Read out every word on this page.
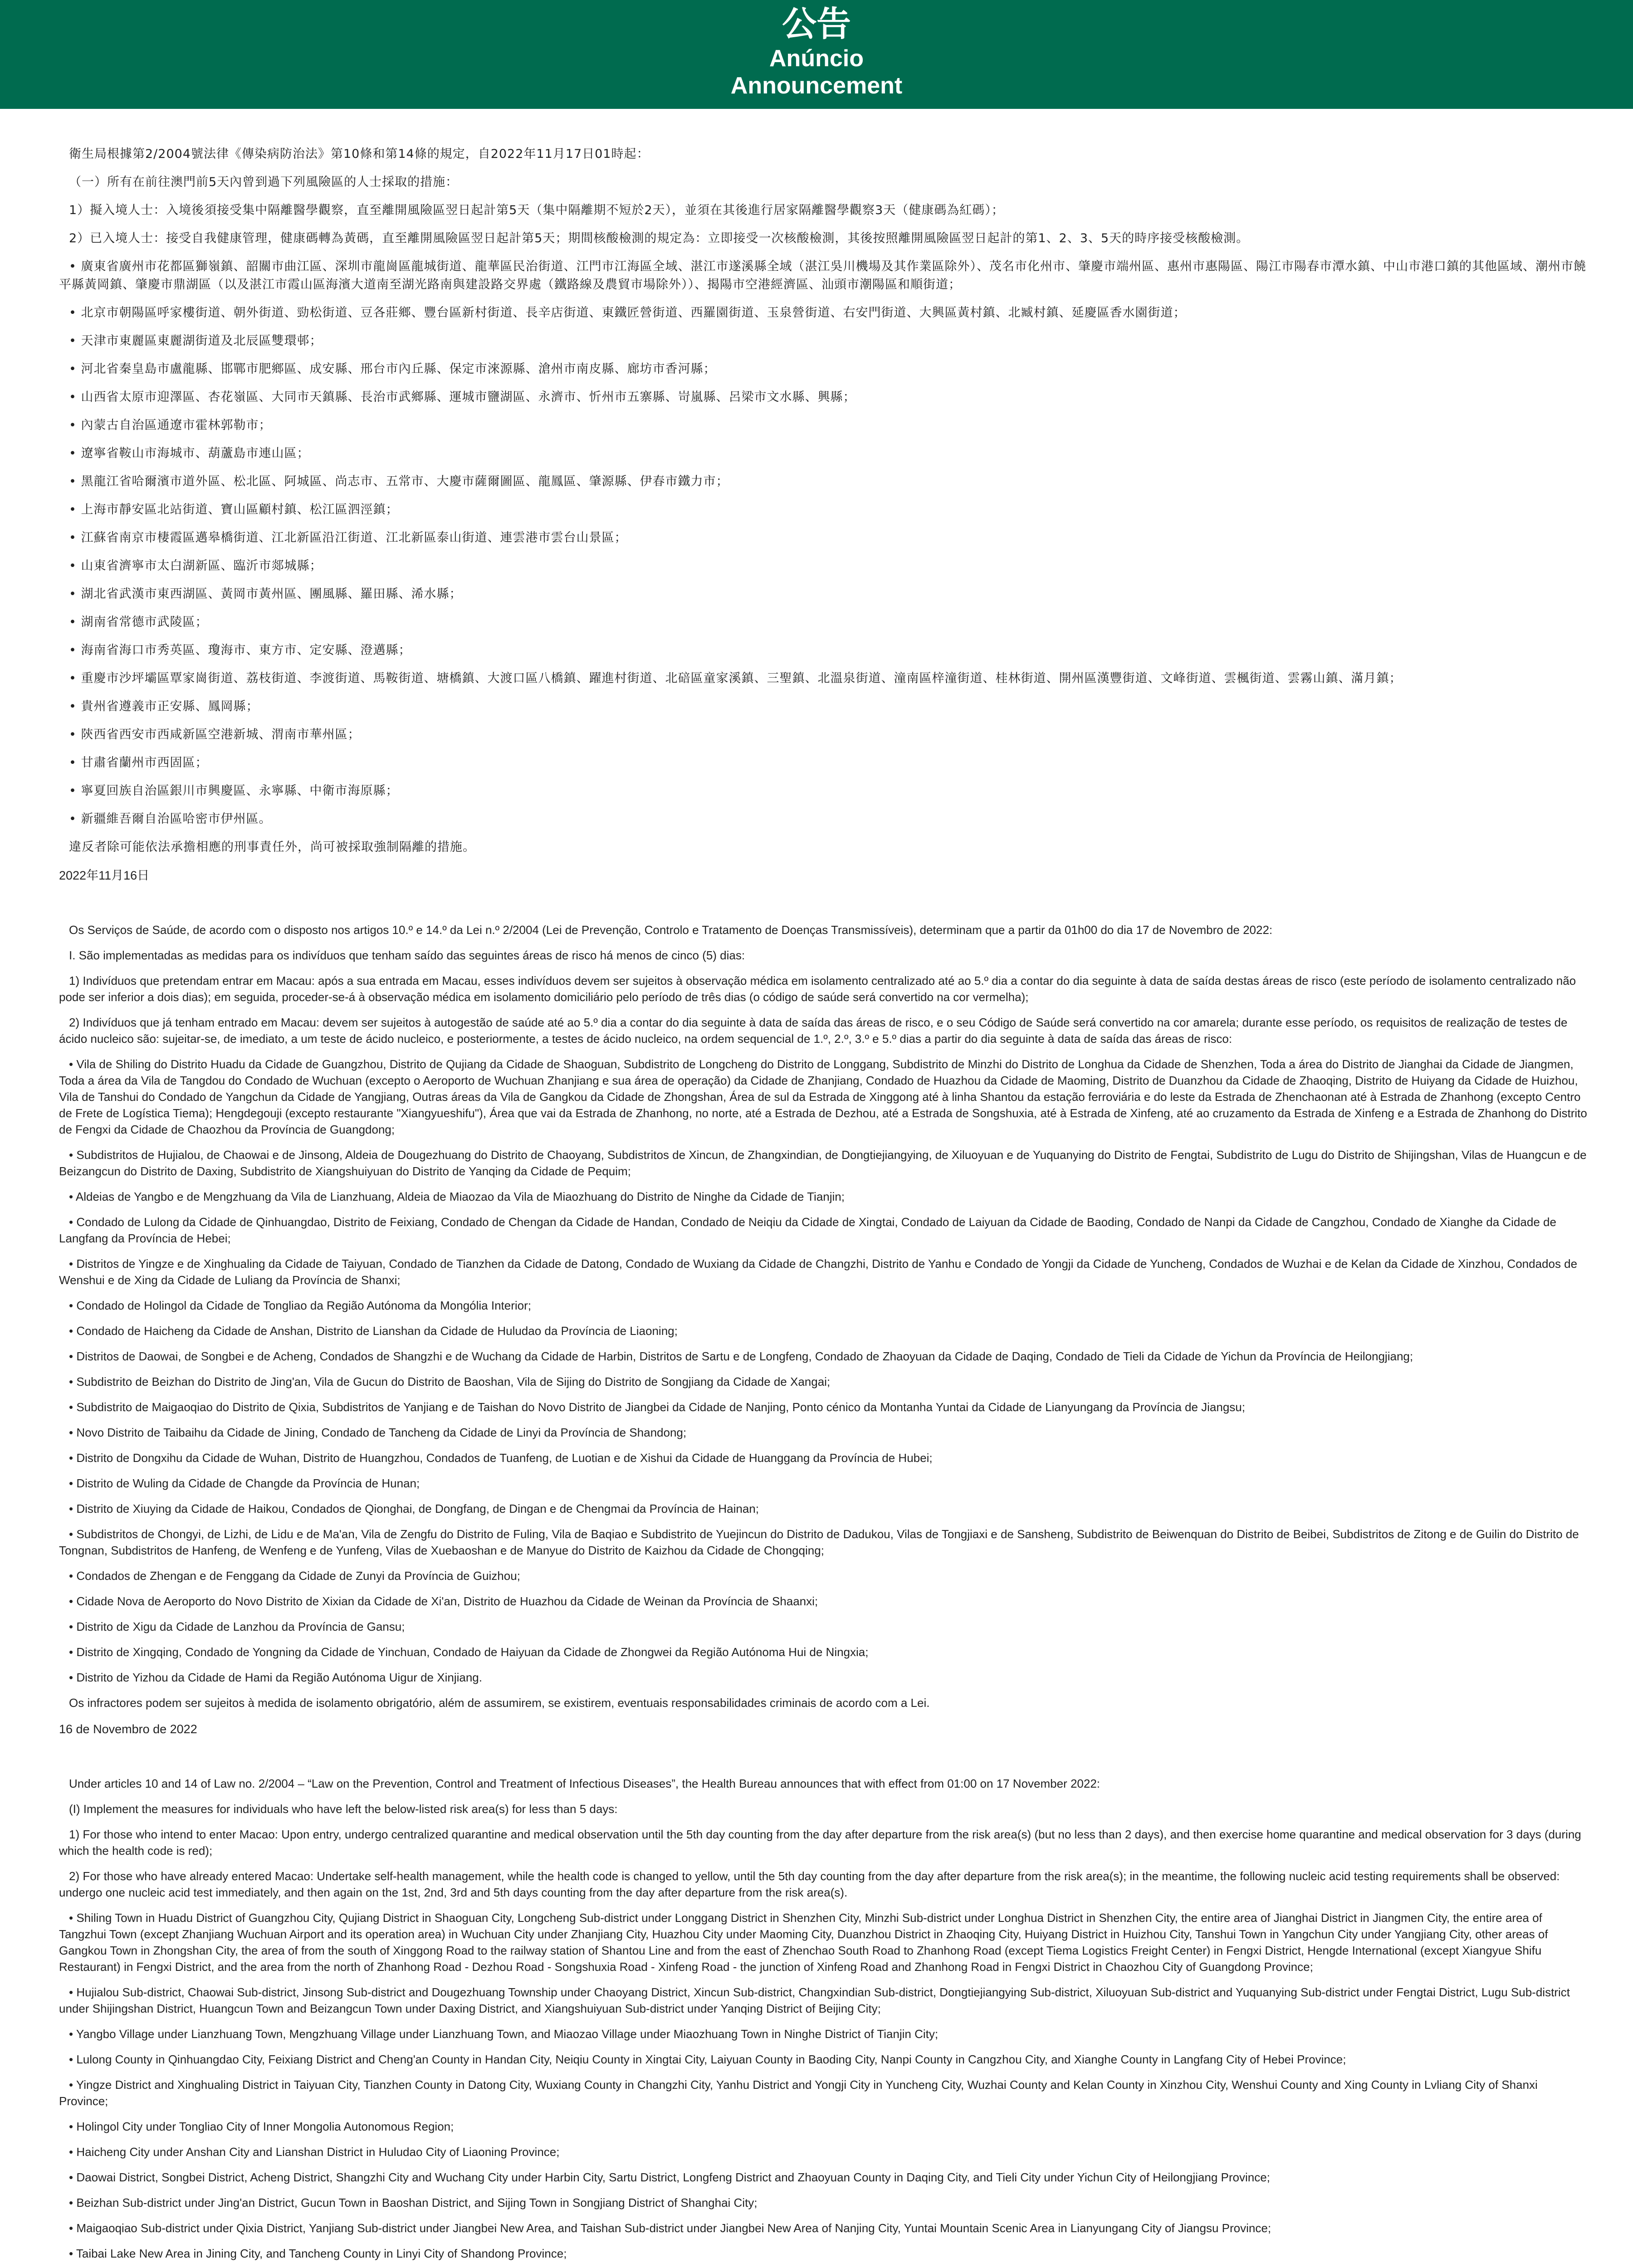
公告
Anúncio
Announcement
衛生局根據第2/2004號法律《傳染病防治法》第10條和第14條的規定，自2022年11月17日01時起：
（一）所有在前往澳門前5天內曾到過下列風險區的人士採取的措施：
1）擬入境人士：入境後須接受集中隔離醫學觀察，直至離開風險區翌日起計第5天（集中隔離期不短於2天），並須在其後進行居家隔離醫學觀察3天（健康碼為紅碼）；
2）已入境人士：接受自我健康管理，健康碼轉為黃碼，直至離開風險區翌日起計第5天；期間核酸檢測的規定為：立即接受一次核酸檢測，其後按照離開風險區翌日起計的第1、2、3、5天的時序接受核酸檢測。
• 廣東省廣州市花都區獅嶺鎮、韶關市曲江區、深圳市龍崗區龍城街道、龍華區民治街道、江門市江海區全域、湛江市遂溪縣全域（湛江吳川機場及其作業區除外）、茂名市化州市、肇慶市端州區、惠州市惠陽區、陽江市陽春市潭水鎮、中山市港口鎮的其他區域、潮州市饒平縣黃岡鎮、肇慶市鼎湖區（以及湛江市霞山區海濱大道南至湖光路南與建設路交界處（鐵路線及農貿市場除外））、揭陽市空港經濟區、汕頭市潮陽區和順街道；
• 北京市朝陽區呼家樓街道、朝外街道、勁松街道、豆各莊鄉、豐台區新村街道、長辛店街道、東鐵匠營街道、西羅園街道、玉泉營街道、右安門街道、大興區黃村鎮、北臧村鎮、延慶區香水園街道；
• 天津市東麗區東麗湖街道及北辰區雙環邨；
• 河北省秦皇島市盧龍縣、邯鄲市肥鄉區、成安縣、邢台市內丘縣、保定市淶源縣、滄州市南皮縣、廊坊市香河縣；
• 山西省太原市迎澤區、杏花嶺區、大同市天鎮縣、長治市武鄉縣、運城市鹽湖區、永濟市、忻州市五寨縣、岢嵐縣、呂梁市文水縣、興縣；
• 內蒙古自治區通遼市霍林郭勒市；
• 遼寧省鞍山市海城市、葫蘆島市連山區；
• 黑龍江省哈爾濱市道外區、松北區、阿城區、尚志市、五常市、大慶市薩爾圖區、龍鳳區、肇源縣、伊春市鐵力市；
• 上海市靜安區北站街道、寶山區顧村鎮、松江區泗涇鎮；
• 江蘇省南京市棲霞區邁皋橋街道、江北新區沿江街道、江北新區泰山街道、連雲港市雲台山景區；
• 山東省濟寧市太白湖新區、臨沂市郯城縣；
• 湖北省武漢市東西湖區、黃岡市黃州區、團風縣、羅田縣、浠水縣；
• 湖南省常德市武陵區；
• 海南省海口市秀英區、瓊海市、東方市、定安縣、澄邁縣；
• 重慶市沙坪壩區覃家崗街道、荔枝街道、李渡街道、馬鞍街道、塘橋鎮、大渡口區八橋鎮、躍進村街道、北碚區童家溪鎮、三聖鎮、北溫泉街道、潼南區梓潼街道、桂林街道、開州區漢豐街道、文峰街道、雲楓街道、雲霧山鎮、滿月鎮；
• 貴州省遵義市正安縣、鳳岡縣；
• 陝西省西安市西咸新區空港新城、渭南市華州區；
• 甘肅省蘭州市西固區；
• 寧夏回族自治區銀川市興慶區、永寧縣、中衛市海原縣；
• 新疆維吾爾自治區哈密市伊州區。
違反者除可能依法承擔相應的刑事責任外，尚可被採取強制隔離的措施。
2022年11月16日
Os Serviços de Saúde, de acordo com o disposto nos artigos 10.º e 14.º da Lei n.º 2/2004 (Lei de Prevenção, Controlo e Tratamento de Doenças Transmissíveis), determinam que a partir da 01h00 do dia 17 de Novembro de 2022:
I. São implementadas as medidas para os indivíduos que tenham saído das seguintes áreas de risco há menos de cinco (5) dias:
1) Indivíduos que pretendam entrar em Macau: após a sua entrada em Macau, esses indivíduos devem ser sujeitos à observação médica em isolamento centralizado até ao 5.º dia a contar do dia seguinte à data de saída destas áreas de risco (este período de isolamento centralizado não pode ser inferior a dois dias); em seguida, proceder-se-á à observação médica em isolamento domiciliário pelo período de três dias (o código de saúde será convertido na cor vermelha);
2) Indivíduos que já tenham entrado em Macau: devem ser sujeitos à autogestão de saúde até ao 5.º dia a contar do dia seguinte à data de saída das áreas de risco, e o seu Código de Saúde será convertido na cor amarela; durante esse período, os requisitos de realização de testes de ácido nucleico são: sujeitar-se, de imediato, a um teste de ácido nucleico, e posteriormente, a testes de ácido nucleico, na ordem sequencial de 1.º, 2.º, 3.º e 5.º dias a partir do dia seguinte à data de saída das áreas de risco:
• Vila de Shiling do Distrito Huadu da Cidade de Guangzhou, Distrito de Qujiang da Cidade de Shaoguan, Subdistrito de Longcheng do Distrito de Longgang, Subdistrito de Minzhi do Distrito de Longhua da Cidade de Shenzhen, Toda a área do Distrito de Jianghai da Cidade de Jiangmen, Toda a área da Vila de Tangdou do Condado de Wuchuan (excepto o Aeroporto de Wuchuan Zhanjiang e sua área de operação) da Cidade de Zhanjiang, Condado de Huazhou da Cidade de Maoming, Distrito de Duanzhou da Cidade de Zhaoqing, Distrito de Huiyang da Cidade de Huizhou, Vila de Tanshui do Condado de Yangchun da Cidade de Yangjiang, Outras áreas da Vila de Gangkou da Cidade de Zhongshan, Área de sul da Estrada de Xinggong até à linha Shantou da estação ferroviária e do leste da Estrada de Zhenchaonan até à Estrada de Zhanhong (excepto Centro de Frete de Logística Tiema); Hengdegouji (excepto restaurante "Xiangyueshifu"), Área que vai da Estrada de Zhanhong, no norte, até a Estrada de Dezhou, até a Estrada de Songshuxia, até à Estrada de Xinfeng, até ao cruzamento da Estrada de Xinfeng e a Estrada de Zhanhong do Distrito de Fengxi da Cidade de Chaozhou da Província de Guangdong;
• Subdistritos de Hujialou, de Chaowai e de Jinsong, Aldeia de Dougezhuang do Distrito de Chaoyang, Subdistritos de Xincun, de Zhangxindian, de Dongtiejiangying, de Xiluoyuan e de Yuquanying do Distrito de Fengtai, Subdistrito de Lugu do Distrito de Shijingshan, Vilas de Huangcun e de Beizangcun do Distrito de Daxing, Subdistrito de Xiangshuiyuan do Distrito de Yanqing da Cidade de Pequim;
• Aldeias de Yangbo e de Mengzhuang da Vila de Lianzhuang, Aldeia de Miaozao da Vila de Miaozhuang do Distrito de Ninghe da Cidade de Tianjin;
• Condado de Lulong da Cidade de Qinhuangdao, Distrito de Feixiang, Condado de Chengan da Cidade de Handan, Condado de Neiqiu da Cidade de Xingtai, Condado de Laiyuan da Cidade de Baoding, Condado de Nanpi da Cidade de Cangzhou, Condado de Xianghe da Cidade de Langfang da Província de Hebei;
• Distritos de Yingze e de Xinghualing da Cidade de Taiyuan, Condado de Tianzhen da Cidade de Datong, Condado de Wuxiang da Cidade de Changzhi, Distrito de Yanhu e Condado de Yongji da Cidade de Yuncheng, Condados de Wuzhai e de Kelan da Cidade de Xinzhou, Condados de Wenshui e de Xing da Cidade de Luliang da Província de Shanxi;
• Condado de Holingol da Cidade de Tongliao da Região Autónoma da Mongólia Interior;
• Condado de Haicheng da Cidade de Anshan, Distrito de Lianshan da Cidade de Huludao da Província de Liaoning;
• Distritos de Daowai, de Songbei e de Acheng, Condados de Shangzhi e de Wuchang da Cidade de Harbin, Distritos de Sartu e de Longfeng, Condado de Zhaoyuan da Cidade de Daqing, Condado de Tieli da Cidade de Yichun da Província de Heilongjiang;
• Subdistrito de Beizhan do Distrito de Jing'an, Vila de Gucun do Distrito de Baoshan, Vila de Sijing do Distrito de Songjiang da Cidade de Xangai;
• Subdistrito de Maigaoqiao do Distrito de Qixia, Subdistritos de Yanjiang e de Taishan do Novo Distrito de Jiangbei da Cidade de Nanjing, Ponto cénico da Montanha Yuntai da Cidade de Lianyungang da Província de Jiangsu;
• Novo Distrito de Taibaihu da Cidade de Jining, Condado de Tancheng da Cidade de Linyi da Província de Shandong;
• Distrito de Dongxihu da Cidade de Wuhan, Distrito de Huangzhou, Condados de Tuanfeng, de Luotian e de Xishui da Cidade de Huanggang da Província de Hubei;
• Distrito de Wuling da Cidade de Changde da Província de Hunan;
• Distrito de Xiuying da Cidade de Haikou, Condados de Qionghai, de Dongfang, de Dingan e de Chengmai da Província de Hainan;
• Subdistritos de Chongyi, de Lizhi, de Lidu e de Ma'an, Vila de Zengfu do Distrito de Fuling, Vila de Baqiao e Subdistrito de Yuejincun do Distrito de Dadukou, Vilas de Tongjiaxi e de Sansheng, Subdistrito de Beiwenquan do Distrito de Beibei, Subdistritos de Zitong e de Guilin do Distrito de Tongnan, Subdistritos de Hanfeng, de Wenfeng e de Yunfeng, Vilas de Xuebaoshan e de Manyue do Distrito de Kaizhou da Cidade de Chongqing;
• Condados de Zhengan e de Fenggang da Cidade de Zunyi da Província de Guizhou;
• Cidade Nova de Aeroporto do Novo Distrito de Xixian da Cidade de Xi'an, Distrito de Huazhou da Cidade de Weinan da Província de Shaanxi;
• Distrito de Xigu da Cidade de Lanzhou da Província de Gansu;
• Distrito de Xingqing, Condado de Yongning da Cidade de Yinchuan, Condado de Haiyuan da Cidade de Zhongwei da Região Autónoma Hui de Ningxia;
• Distrito de Yizhou da Cidade de Hami da Região Autónoma Uigur de Xinjiang.
Os infractores podem ser sujeitos à medida de isolamento obrigatório, além de assumirem, se existirem, eventuais responsabilidades criminais de acordo com a Lei.
16 de Novembro de 2022
Under articles 10 and 14 of Law no. 2/2004 – “Law on the Prevention, Control and Treatment of Infectious Diseases”, the Health Bureau announces that with effect from 01:00 on 17 November 2022:
(I) Implement the measures for individuals who have left the below-listed risk area(s) for less than 5 days:
1) For those who intend to enter Macao: Upon entry, undergo centralized quarantine and medical observation until the 5th day counting from the day after departure from the risk area(s) (but no less than 2 days), and then exercise home quarantine and medical observation for 3 days (during which the health code is red);
2) For those who have already entered Macao: Undertake self-health management, while the health code is changed to yellow, until the 5th day counting from the day after departure from the risk area(s); in the meantime, the following nucleic acid testing requirements shall be observed: undergo one nucleic acid test immediately, and then again on the 1st, 2nd, 3rd and 5th days counting from the day after departure from the risk area(s).
• Shiling Town in Huadu District of Guangzhou City, Qujiang District in Shaoguan City, Longcheng Sub-district under Longgang District in Shenzhen City, Minzhi Sub-district under Longhua District in Shenzhen City, the entire area of Jianghai District in Jiangmen City, the entire area of Tangzhui Town (except Zhanjiang Wuchuan Airport and its operation area) in Wuchuan City under Zhanjiang City, Huazhou City under Maoming City, Duanzhou District in Zhaoqing City, Huiyang District in Huizhou City, Tanshui Town in Yangchun City under Yangjiang City, other areas of Gangkou Town in Zhongshan City, the area of from the south of Xinggong Road to the railway station of Shantou Line and from the east of Zhenchao South Road to Zhanhong Road (except Tiema Logistics Freight Center) in Fengxi District, Hengde International (except Xiangyue Shifu Restaurant) in Fengxi District, and the area from the north of Zhanhong Road - Dezhou Road - Songshuxia Road - Xinfeng Road - the junction of Xinfeng Road and Zhanhong Road in Fengxi District in Chaozhou City of Guangdong Province;
• Hujialou Sub-district, Chaowai Sub-district, Jinsong Sub-district and Dougezhuang Township under Chaoyang District, Xincun Sub-district, Changxindian Sub-district, Dongtiejiangying Sub-district, Xiluoyuan Sub-district and Yuquanying Sub-district under Fengtai District, Lugu Sub-district under Shijingshan District, Huangcun Town and Beizangcun Town under Daxing District, and Xiangshuiyuan Sub-district under Yanqing District of Beijing City;
• Yangbo Village under Lianzhuang Town, Mengzhuang Village under Lianzhuang Town, and Miaozao Village under Miaozhuang Town in Ninghe District of Tianjin City;
• Lulong County in Qinhuangdao City, Feixiang District and Cheng'an County in Handan City, Neiqiu County in Xingtai City, Laiyuan County in Baoding City, Nanpi County in Cangzhou City, and Xianghe County in Langfang City of Hebei Province;
• Yingze District and Xinghualing District in Taiyuan City, Tianzhen County in Datong City, Wuxiang County in Changzhi City, Yanhu District and Yongji City in Yuncheng City, Wuzhai County and Kelan County in Xinzhou City, Wenshui County and Xing County in Lvliang City of Shanxi Province;
• Holingol City under Tongliao City of Inner Mongolia Autonomous Region;
• Haicheng City under Anshan City and Lianshan District in Huludao City of Liaoning Province;
• Daowai District, Songbei District, Acheng District, Shangzhi City and Wuchang City under Harbin City, Sartu District, Longfeng District and Zhaoyuan County in Daqing City, and Tieli City under Yichun City of Heilongjiang Province;
• Beizhan Sub-district under Jing'an District, Gucun Town in Baoshan District, and Sijing Town in Songjiang District of Shanghai City;
• Maigaoqiao Sub-district under Qixia District, Yanjiang Sub-district under Jiangbei New Area, and Taishan Sub-district under Jiangbei New Area of Nanjing City, Yuntai Mountain Scenic Area in Lianyungang City of Jiangsu Province;
• Taibai Lake New Area in Jining City, and Tancheng County in Linyi City of Shandong Province;
